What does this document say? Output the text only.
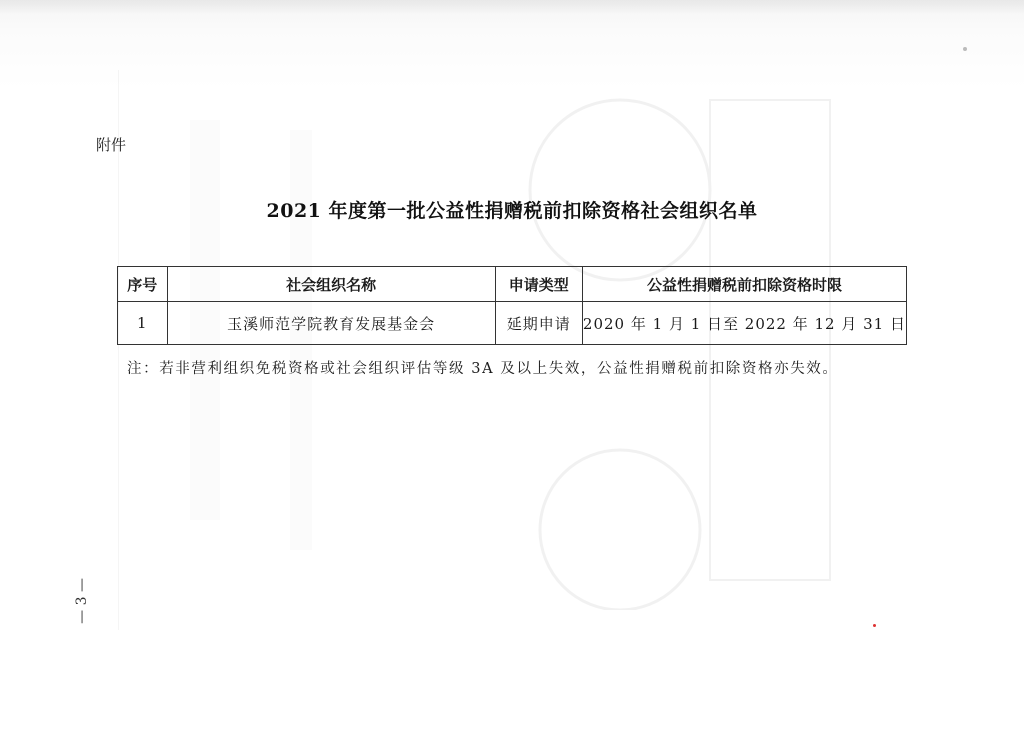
附件
2021 年度第一批公益性捐赠税前扣除资格社会组织名单
序号	社会组织名称	申请类型	公益性捐赠税前扣除资格时限
1	玉溪师范学院教育发展基金会	延期申请	2020 年 1 月 1 日至 2022 年 12 月 31 日
注：若非营利组织免税资格或社会组织评估等级 3A 及以上失效，公益性捐赠税前扣除资格亦失效。
— 3 —
